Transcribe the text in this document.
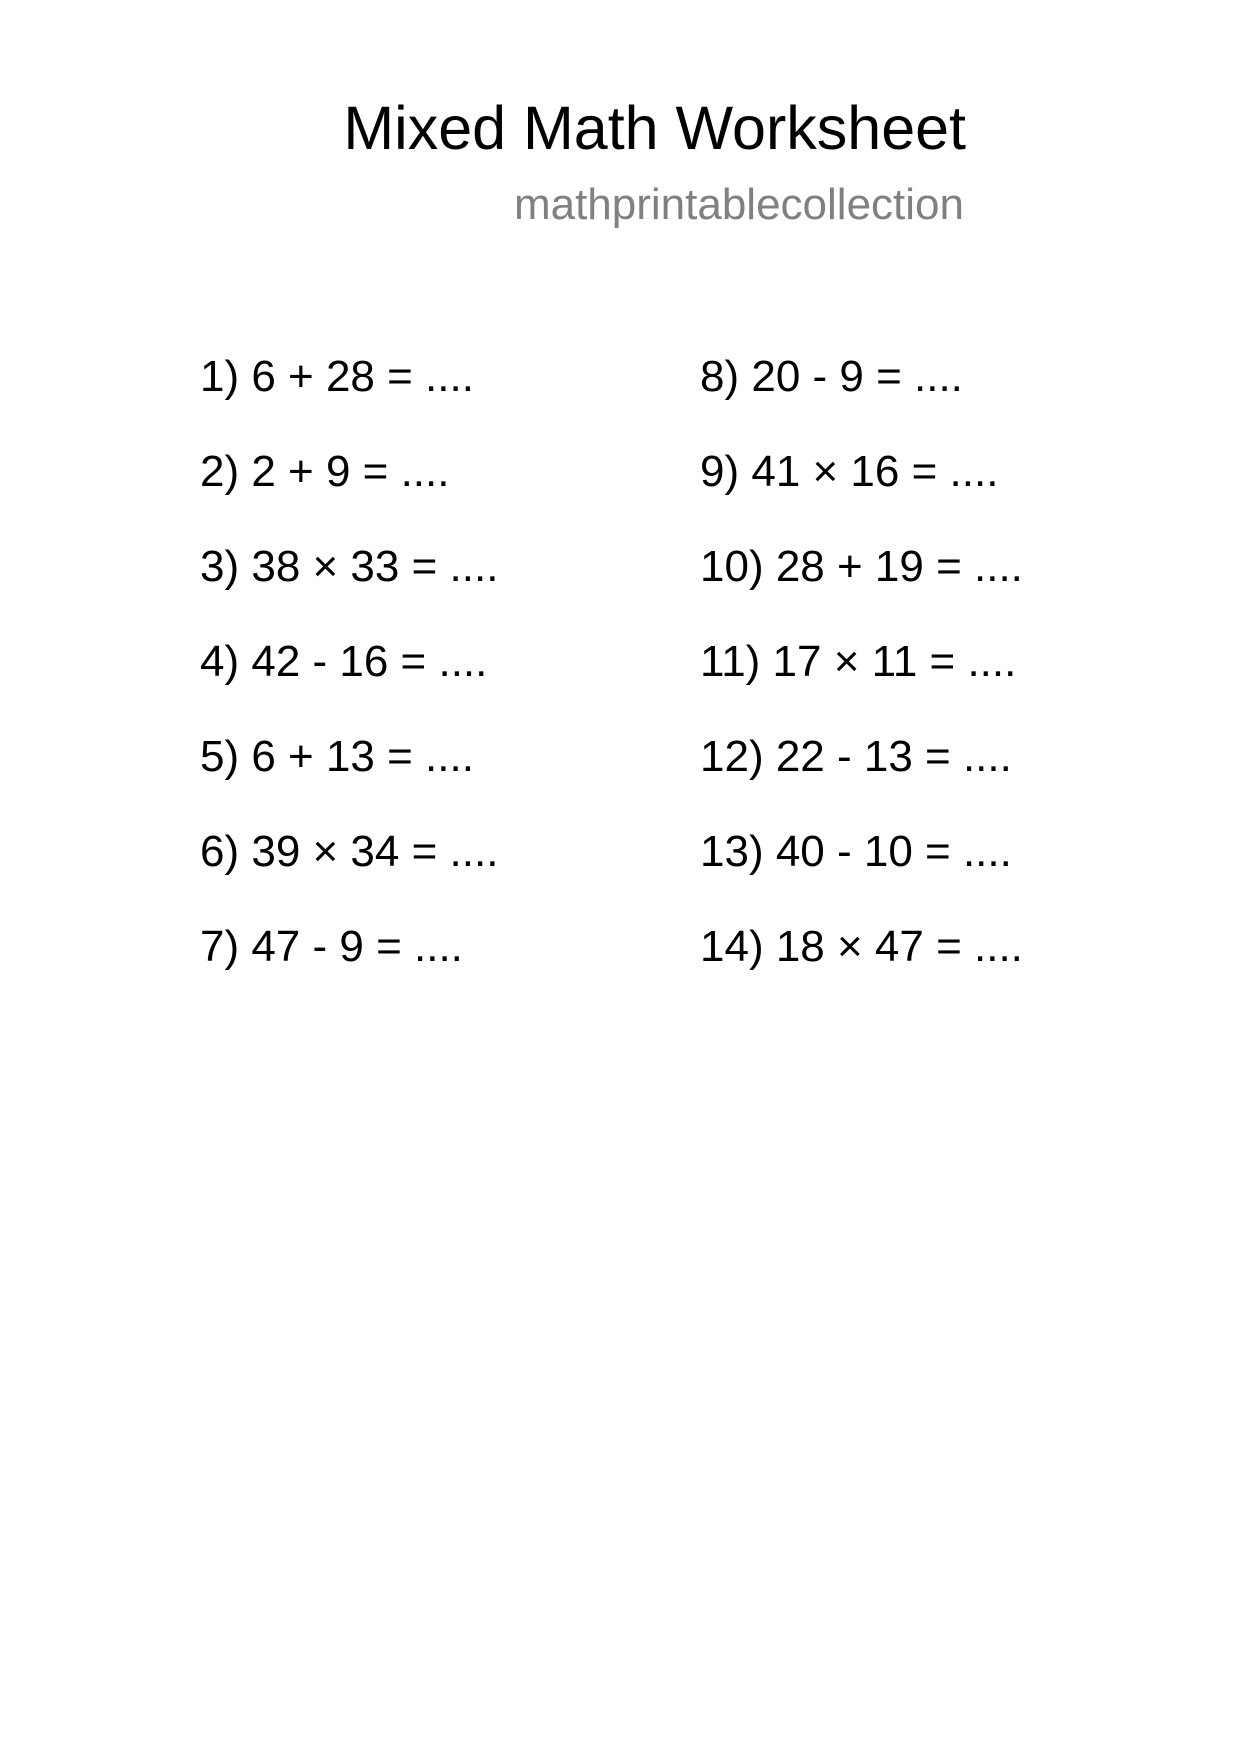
Mixed Math Worksheet
mathprintablecollection
1) 6 + 28 = ....
2) 2 + 9 = ....
3) 38 × 33 = ....
4) 42 - 16 = ....
5) 6 + 13 = ....
6) 39 × 34 = ....
7) 47 - 9 = ....
8) 20 - 9 = ....
9) 41 × 16 = ....
10) 28 + 19 = ....
11) 17 × 11 = ....
12) 22 - 13 = ....
13) 40 - 10 = ....
14) 18 × 47 = ....
